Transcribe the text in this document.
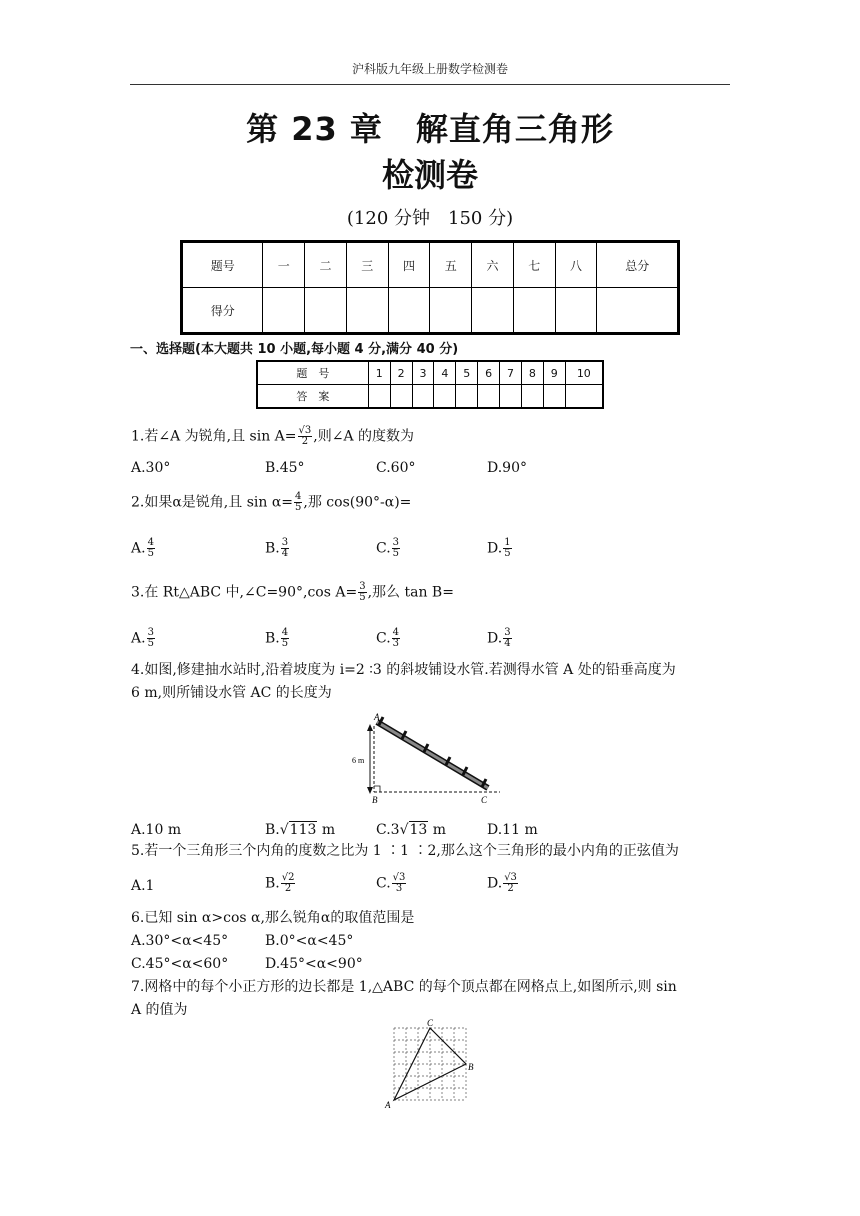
沪科版九年级上册数学检测卷
第 23 章　解直角三角形
检测卷
(120 分钟　150 分)
题号	一	二	三	四	五	六	七	八	总分
得分									
一、选择题(本大题共 10 小题,每小题 4 分,满分 40 分)
题　号	1	2	3	4	5	6	7	8	9	10
答　案										
1.若∠A 为锐角,且 $\sin A= \frac{√3}{2}$ ,则∠A 的度数为
A.30°	B.45°	C.60°	D.90°
2.如果α是锐角,且 $\sin \alpha= \frac{4}{5}$ ,那 cos(90°-α)=
A. $\frac{4}{5}$	B. $\frac{3}{4}$	C. $\frac{3}{5}$	D. $\frac{1}{5}$
3.在 Rt△ABC 中,∠C=90°,cos $A= \frac{3}{5}$ ,那么 tan B=
A. $\frac{3}{5}$	B. $\frac{4}{5}$	C. $\frac{4}{3}$	D. $\frac{3}{4}$
4.如图,修建抽水站时,沿着坡度为 i=2 ∶3 的斜坡铺设水管.若测得水管 A 处的铅垂高度为
6 m,则所铺设水管 AC 的长度为
A
B	C
6 m
A.10 m	B.√113 m	C.3√13 m	D.11 m
5.若一个三角形三个内角的度数之比为 1 ∶1 ∶2,那么这个三角形的最小内角的正弦值为
A.1	B. $\frac{√2}{2}$	C. $\frac{√3}{3}$	D. $\frac{√3}{2}$
6.已知 sin α>cos α,那么锐角α的取值范围是
A.30°<α<45°	B.0°<α<45°
C.45°<α<60°	D.45°<α<90°
7.网格中的每个小正方形的边长都是 1,△ABC 的每个顶点都在网格点上,如图所示,则 sin
A 的值为
A
B
C
